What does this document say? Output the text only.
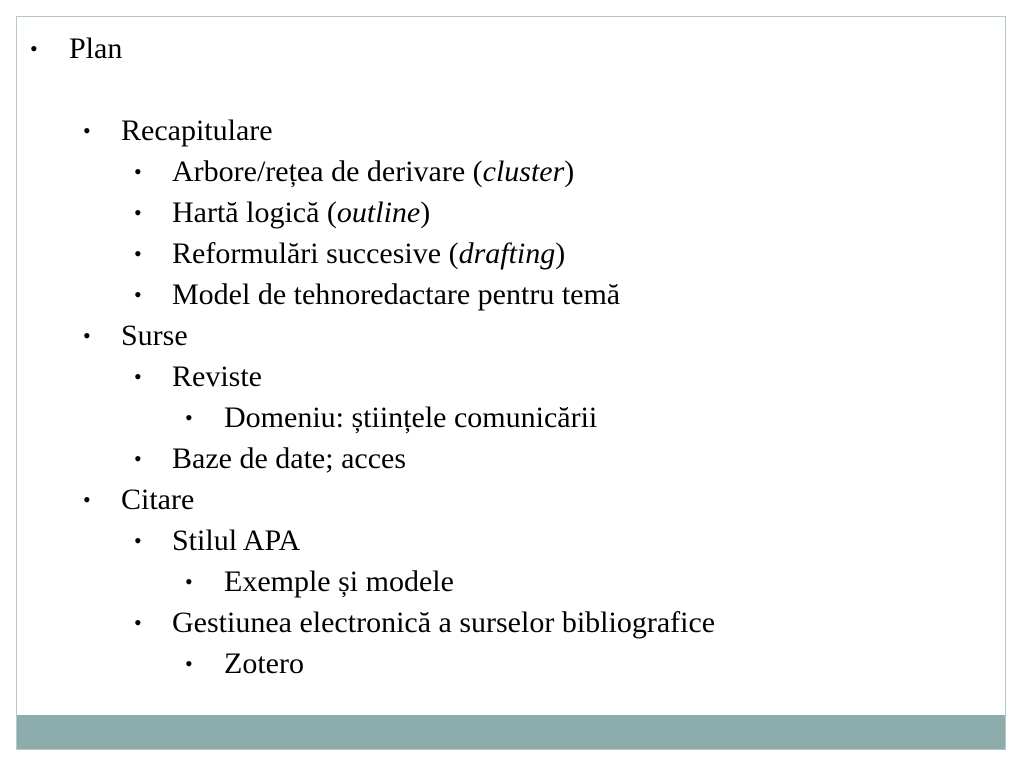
• Plan
• Recapitulare
• Arbore/rețea de derivare (cluster)
• Hartă logică (outline)
• Reformulări succesive (drafting)
• Model de tehnoredactare pentru temă
• Surse
• Reviste
• Domeniu: științele comunicării
• Baze de date; acces
• Citare
• Stilul APA
• Exemple și modele
• Gestiunea electronică a surselor bibliografice
• Zotero
